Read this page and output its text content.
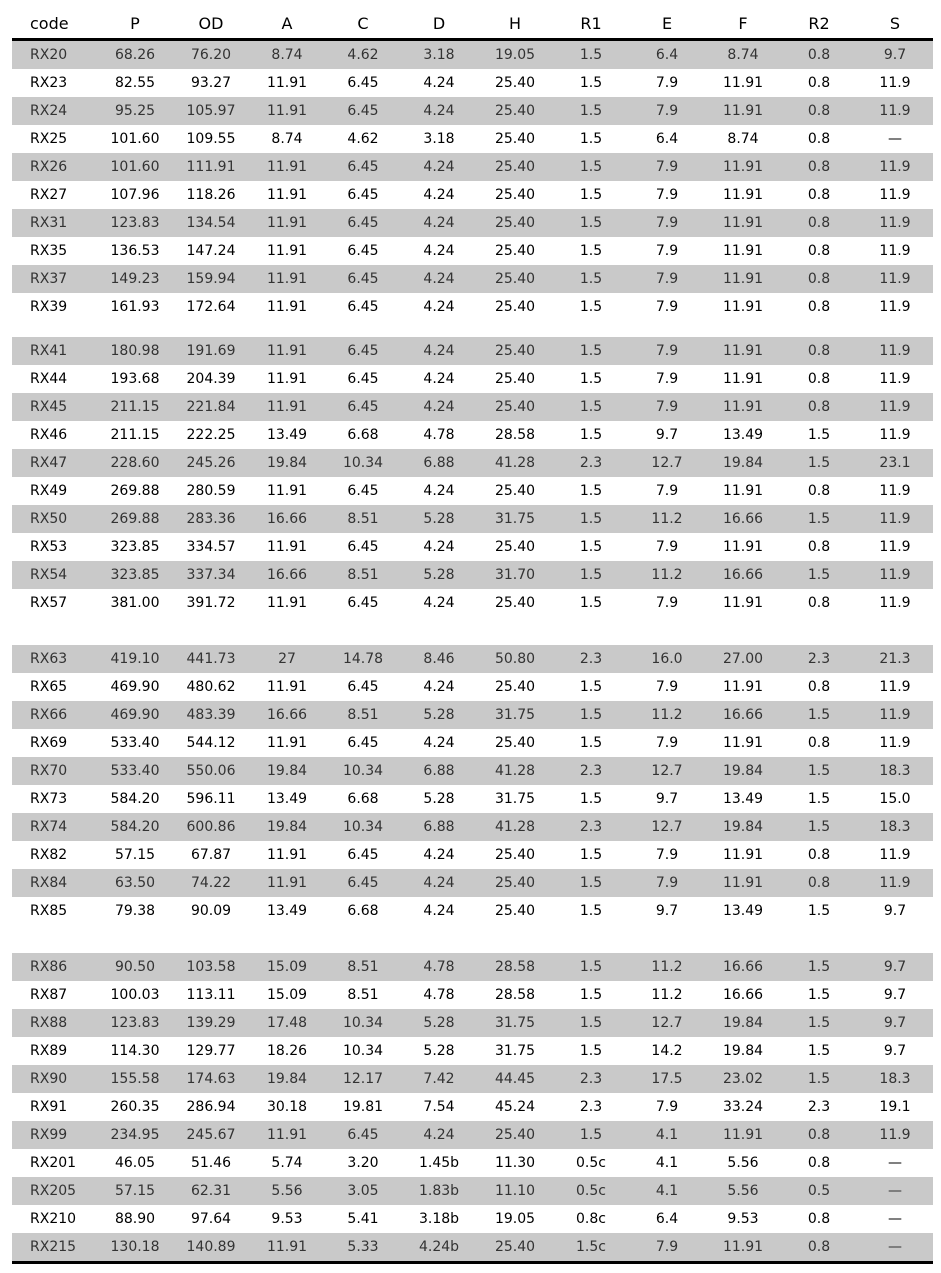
code	P	OD	A	C	D	H	R1	E	F	R2	S
RX20	68.26	76.20	8.74	4.62	3.18	19.05	1.5	6.4	8.74	0.8	9.7
RX23	82.55	93.27	11.91	6.45	4.24	25.40	1.5	7.9	11.91	0.8	11.9
RX24	95.25	105.97	11.91	6.45	4.24	25.40	1.5	7.9	11.91	0.8	11.9
RX25	101.60	109.55	8.74	4.62	3.18	25.40	1.5	6.4	8.74	0.8	—
RX26	101.60	111.91	11.91	6.45	4.24	25.40	1.5	7.9	11.91	0.8	11.9
RX27	107.96	118.26	11.91	6.45	4.24	25.40	1.5	7.9	11.91	0.8	11.9
RX31	123.83	134.54	11.91	6.45	4.24	25.40	1.5	7.9	11.91	0.8	11.9
RX35	136.53	147.24	11.91	6.45	4.24	25.40	1.5	7.9	11.91	0.8	11.9
RX37	149.23	159.94	11.91	6.45	4.24	25.40	1.5	7.9	11.91	0.8	11.9
RX39	161.93	172.64	11.91	6.45	4.24	25.40	1.5	7.9	11.91	0.8	11.9

RX41	180.98	191.69	11.91	6.45	4.24	25.40	1.5	7.9	11.91	0.8	11.9
RX44	193.68	204.39	11.91	6.45	4.24	25.40	1.5	7.9	11.91	0.8	11.9
RX45	211.15	221.84	11.91	6.45	4.24	25.40	1.5	7.9	11.91	0.8	11.9
RX46	211.15	222.25	13.49	6.68	4.78	28.58	1.5	9.7	13.49	1.5	11.9
RX47	228.60	245.26	19.84	10.34	6.88	41.28	2.3	12.7	19.84	1.5	23.1
RX49	269.88	280.59	11.91	6.45	4.24	25.40	1.5	7.9	11.91	0.8	11.9
RX50	269.88	283.36	16.66	8.51	5.28	31.75	1.5	11.2	16.66	1.5	11.9
RX53	323.85	334.57	11.91	6.45	4.24	25.40	1.5	7.9	11.91	0.8	11.9
RX54	323.85	337.34	16.66	8.51	5.28	31.70	1.5	11.2	16.66	1.5	11.9
RX57	381.00	391.72	11.91	6.45	4.24	25.40	1.5	7.9	11.91	0.8	11.9

RX63	419.10	441.73	27	14.78	8.46	50.80	2.3	16.0	27.00	2.3	21.3
RX65	469.90	480.62	11.91	6.45	4.24	25.40	1.5	7.9	11.91	0.8	11.9
RX66	469.90	483.39	16.66	8.51	5.28	31.75	1.5	11.2	16.66	1.5	11.9
RX69	533.40	544.12	11.91	6.45	4.24	25.40	1.5	7.9	11.91	0.8	11.9
RX70	533.40	550.06	19.84	10.34	6.88	41.28	2.3	12.7	19.84	1.5	18.3
RX73	584.20	596.11	13.49	6.68	5.28	31.75	1.5	9.7	13.49	1.5	15.0
RX74	584.20	600.86	19.84	10.34	6.88	41.28	2.3	12.7	19.84	1.5	18.3
RX82	57.15	67.87	11.91	6.45	4.24	25.40	1.5	7.9	11.91	0.8	11.9
RX84	63.50	74.22	11.91	6.45	4.24	25.40	1.5	7.9	11.91	0.8	11.9
RX85	79.38	90.09	13.49	6.68	4.24	25.40	1.5	9.7	13.49	1.5	9.7

RX86	90.50	103.58	15.09	8.51	4.78	28.58	1.5	11.2	16.66	1.5	9.7
RX87	100.03	113.11	15.09	8.51	4.78	28.58	1.5	11.2	16.66	1.5	9.7
RX88	123.83	139.29	17.48	10.34	5.28	31.75	1.5	12.7	19.84	1.5	9.7
RX89	114.30	129.77	18.26	10.34	5.28	31.75	1.5	14.2	19.84	1.5	9.7
RX90	155.58	174.63	19.84	12.17	7.42	44.45	2.3	17.5	23.02	1.5	18.3
RX91	260.35	286.94	30.18	19.81	7.54	45.24	2.3	7.9	33.24	2.3	19.1
RX99	234.95	245.67	11.91	6.45	4.24	25.40	1.5	4.1	11.91	0.8	11.9
RX201	46.05	51.46	5.74	3.20	1.45b	11.30	0.5c	4.1	5.56	0.8	—
RX205	57.15	62.31	5.56	3.05	1.83b	11.10	0.5c	4.1	5.56	0.5	—
RX210	88.90	97.64	9.53	5.41	3.18b	19.05	0.8c	6.4	9.53	0.8	—
RX215	130.18	140.89	11.91	5.33	4.24b	25.40	1.5c	7.9	11.91	0.8	—
